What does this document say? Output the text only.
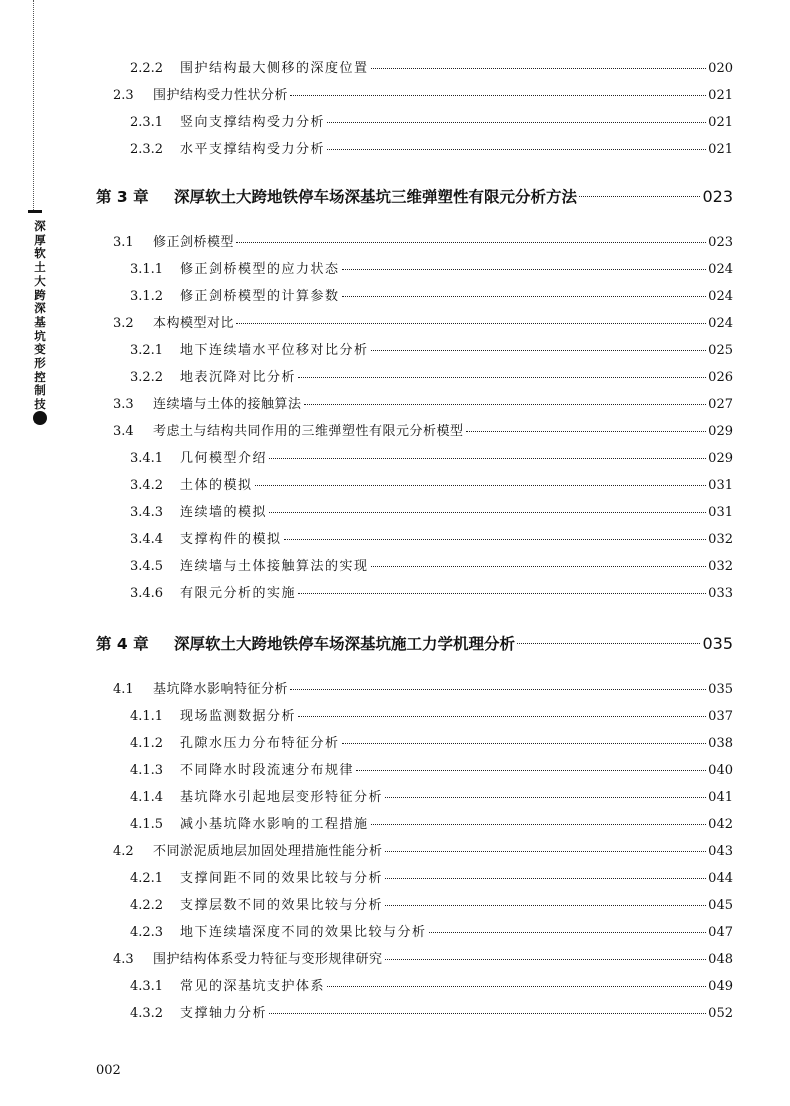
深厚软土大跨深基坑变形控制技
2.2.2	围护结构最大侧移的深度位置	020
2.3	围护结构受力性状分析	021
2.3.1	竖向支撑结构受力分析	021
2.3.2	水平支撑结构受力分析	021
第 3 章	深厚软土大跨地铁停车场深基坑三维弹塑性有限元分析方法	023
3.1	修正剑桥模型	023
3.1.1	修正剑桥模型的应力状态	024
3.1.2	修正剑桥模型的计算参数	024
3.2	本构模型对比	024
3.2.1	地下连续墙水平位移对比分析	025
3.2.2	地表沉降对比分析	026
3.3	连续墙与土体的接触算法	027
3.4	考虑土与结构共同作用的三维弹塑性有限元分析模型	029
3.4.1	几何模型介绍	029
3.4.2	土体的模拟	031
3.4.3	连续墙的模拟	031
3.4.4	支撑构件的模拟	032
3.4.5	连续墙与土体接触算法的实现	032
3.4.6	有限元分析的实施	033
第 4 章	深厚软土大跨地铁停车场深基坑施工力学机理分析	035
4.1	基坑降水影响特征分析	035
4.1.1	现场监测数据分析	037
4.1.2	孔隙水压力分布特征分析	038
4.1.3	不同降水时段流速分布规律	040
4.1.4	基坑降水引起地层变形特征分析	041
4.1.5	减小基坑降水影响的工程措施	042
4.2	不同淤泥质地层加固处理措施性能分析	043
4.2.1	支撑间距不同的效果比较与分析	044
4.2.2	支撑层数不同的效果比较与分析	045
4.2.3	地下连续墙深度不同的效果比较与分析	047
4.3	围护结构体系受力特征与变形规律研究	048
4.3.1	常见的深基坑支护体系	049
4.3.2	支撑轴力分析	052
002
